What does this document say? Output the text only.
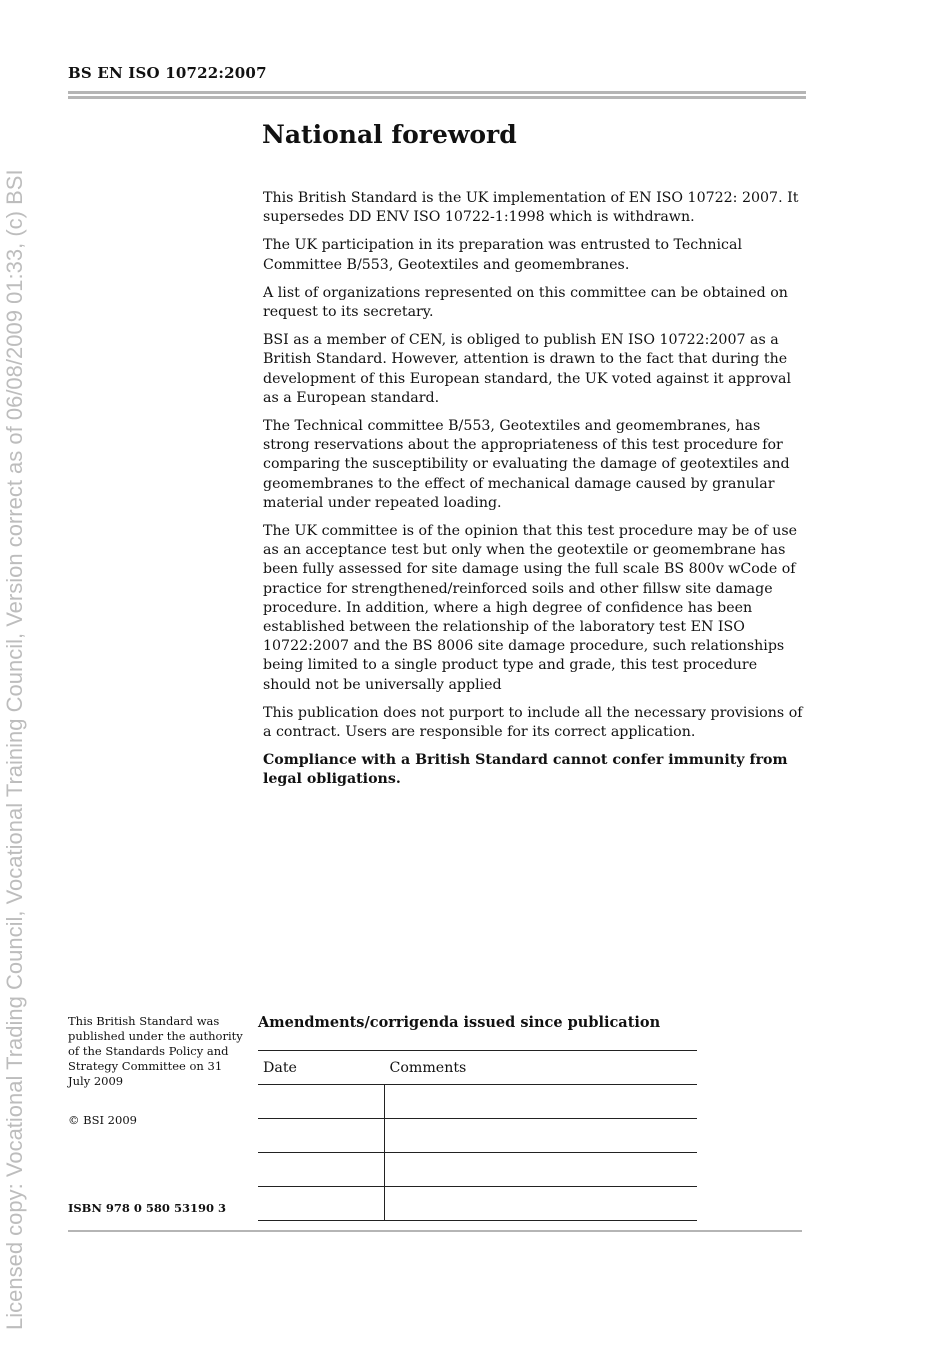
Licensed copy: Vocational Trading Council, Vocational Training Council, Version correct as of 06/08/2009 01:33, (c) BSI
BS EN ISO 10722:2007
National foreword

This British Standard is the UK implementation of EN ISO 10722: 2007. It supersedes DD ENV ISO 10722-1:1998 which is withdrawn.

The UK participation in its preparation was entrusted to Technical Committee B/553, Geotextiles and geomembranes.

A list of organizations represented on this committee can be obtained on request to its secretary.

BSI as a member of CEN, is obliged to publish EN ISO 10722:2007 as a British Standard. However, attention is drawn to the fact that during the development of this European standard, the UK voted against it approval as a European standard.

The Technical committee B/553, Geotextiles and geomembranes, has strong reservations about the appropriateness of this test procedure for comparing the susceptibility or evaluating the damage of geotextiles and geomembranes to the effect of mechanical damage caused by granular material under repeated loading.

The UK committee is of the opinion that this test procedure may be of use as an acceptance test but only when the geotextile or geomembrane has been fully assessed for site damage using the full scale BS 800v wCode of practice for strengthened/reinforced soils and other fillsw site damage procedure. In addition, where a high degree of confidence has been established between the relationship of the laboratory test EN ISO 10722:2007 and the BS 8006 site damage procedure, such relationships being limited to a single product type and grade, this test procedure should not be universally applied

This publication does not purport to include all the necessary provisions of a contract. Users are responsible for its correct application.

Compliance with a British Standard cannot confer immunity from legal obligations.

This British Standard was published under the authority of the Standards Policy and Strategy Committee on 31 July 2009
© BSI 2009
ISBN 978 0 580 53190 3
Amendments/corrigenda issued since publication
Date	Comments
